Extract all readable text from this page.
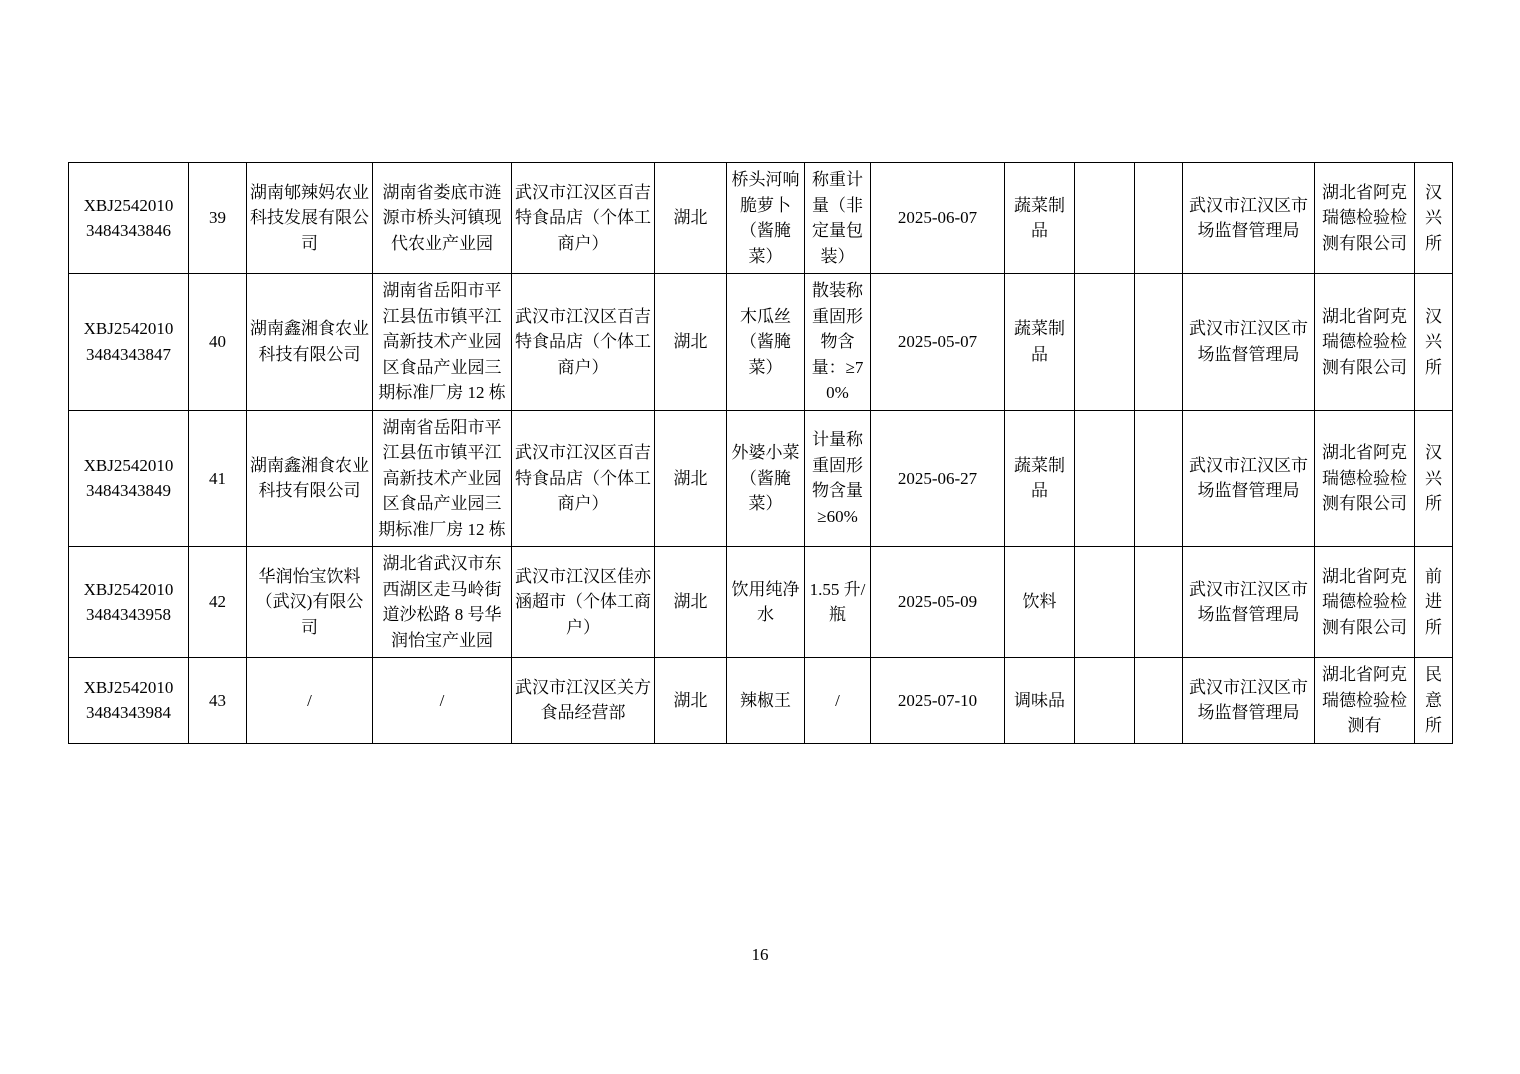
XBJ2542010
3484343846	39	湖南郇辣妈农业科技发展有限公司	湖南省娄底市涟源市桥头河镇现代农业产业园	武汉市江汉区百吉特食品店（个体工商户）	湖北	桥头河响脆萝卜（酱腌菜）	称重计量（非定量包装）	2025-06-07	蔬菜制品			武汉市江汉区市场监督管理局	湖北省阿克瑞德检验检测有限公司	汉兴所
XBJ2542010
3484343847	40	湖南鑫湘食农业科技有限公司	湖南省岳阳市平江县伍市镇平江高新技术产业园区食品产业园三期标准厂房 12 栋	武汉市江汉区百吉特食品店（个体工商户）	湖北	木瓜丝（酱腌菜）	散装称重固形物含量：≥70%	2025-05-07	蔬菜制品			武汉市江汉区市场监督管理局	湖北省阿克瑞德检验检测有限公司	汉兴所
XBJ2542010
3484343849	41	湖南鑫湘食农业科技有限公司	湖南省岳阳市平江县伍市镇平江高新技术产业园区食品产业园三期标准厂房 12 栋	武汉市江汉区百吉特食品店（个体工商户）	湖北	外婆小菜（酱腌菜）	计量称重固形物含量≥60%	2025-06-27	蔬菜制品			武汉市江汉区市场监督管理局	湖北省阿克瑞德检验检测有限公司	汉兴所
XBJ2542010
3484343958	42	华润怡宝饮料（武汉)有限公司	湖北省武汉市东西湖区走马岭街道沙松路 8 号华润怡宝产业园	武汉市江汉区佳亦涵超市（个体工商户）	湖北	饮用纯净水	1.55 升/瓶	2025-05-09	饮料			武汉市江汉区市场监督管理局	湖北省阿克瑞德检验检测有限公司	前进所
XBJ2542010
3484343984	43	/	/	武汉市江汉区关方食品经营部	湖北	辣椒王	/	2025-07-10	调味品			武汉市江汉区市场监督管理局	湖北省阿克瑞德检验检测有	民意所
16
